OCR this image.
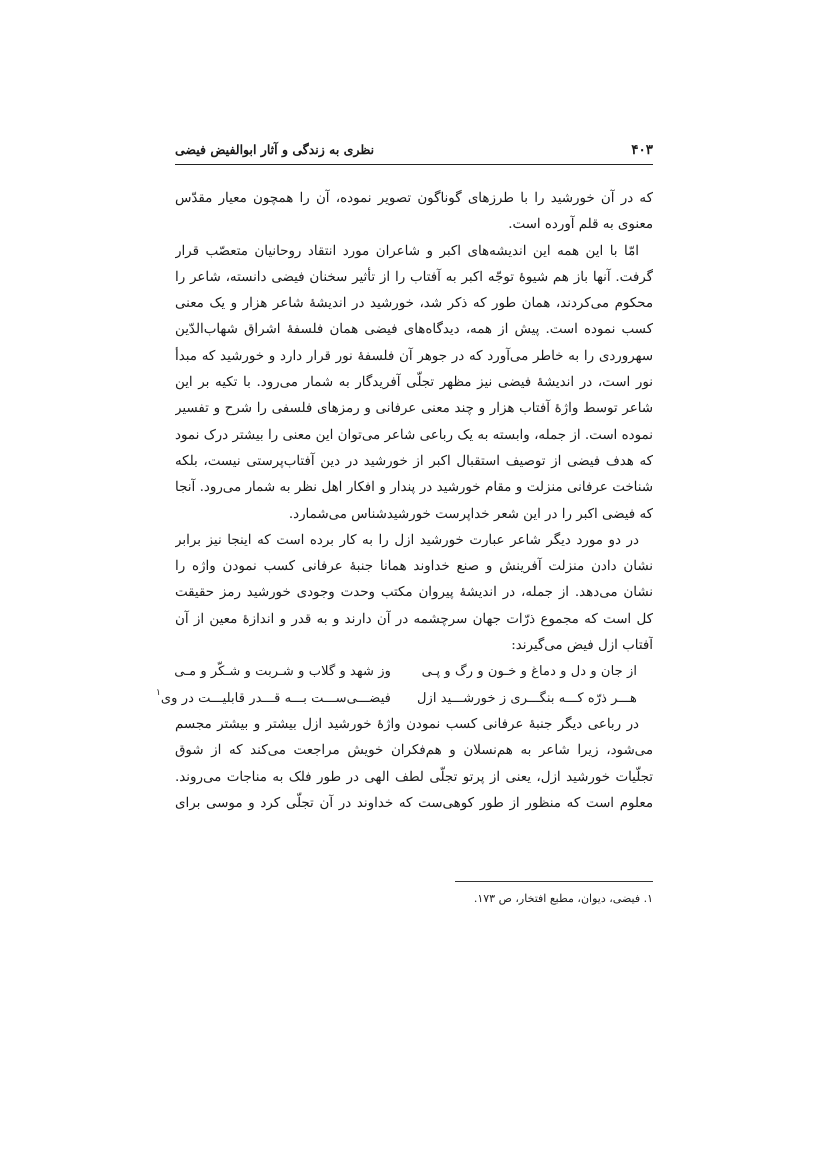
۴۰۳
نظری به زندگی و آثار ابوالفیض فیضی
که در آن خورشید را با طرزهای گوناگون تصویر نموده، آن را همچون معیار مقدّس
معنوی به قلم آورده است.
امّا با این همه این اندیشه‌های اکبر و شاعران مورد انتقاد روحانیان متعصّب قرار
گرفت. آنها باز هم شیوهٔ توجّه اکبر به آفتاب را از تأثیر سخنان فیضی دانسته، شاعر را
محکوم می‌کردند، همان طور که ذکر شد، خورشید در اندیشهٔ شاعر هزار و یک معنی
کسب نموده است. پیش از همه، دیدگاه‌های فیضی همان فلسفهٔ اشراق شهاب‌الدّین
سهروردی را به خاطر می‌آورد که در جوهر آن فلسفهٔ نور قرار دارد و خورشید که مبدأ
نور است، در اندیشهٔ فیضی نیز مظهر تجلّی آفریدگار به شمار می‌رود. با تکیه بر این
شاعر توسط واژهٔ آفتاب هزار و چند معنی عرفانی و رمزهای فلسفی را شرح و تفسیر
نموده است. از جمله، وابسته به یک رباعی شاعر می‌توان این معنی را بیشتر درک نمود
که هدف فیضی از توصیف استقبال اکبر از خورشید در دین آفتاب‌پرستی نیست، بلکه
شناخت عرفانی منزلت و مقام خورشید در پندار و افکار اهل نظر به شمار می‌رود. آنجا
که فیضی اکبر را در این شعر خداپرست خورشیدشناس می‌شمارد.
در دو مورد دیگر شاعر عبارت خورشید ازل را به کار برده است که اینجا نیز برابر
نشان دادن منزلت آفرینش و صنع خداوند همانا جنبهٔ عرفانی کسب نمودن واژه را
نشان می‌دهد. از جمله، در اندیشهٔ پیروان مکتب وحدت وجودی خورشید رمز حقیقت
کل است که مجموع ذرّات جهان سرچشمه در آن دارند و به قدر و اندازهٔ معین از آن
آفتاب ازل فیض می‌گیرند:
از جان و دل و دماغ و خـون و رگ و پـی
وز شهد و گلاب و شـربت و شـکّر و مـی
هـــر ذرّه کـــه بنگـــری ز خورشـــید ازل
فیضـــی‌ســـت بـــه قـــدر قابلیـــت در وی$^۱$
در رباعی دیگر جنبهٔ عرفانی کسب نمودن واژهٔ خورشید ازل بیشتر و بیشتر مجسم
می‌شود، زیرا شاعر به هم‌نسلان و هم‌فکران خویش مراجعت می‌کند که از شوق
تجلّیات خورشید ازل، یعنی از پرتو تجلّی لطف الهی در طور فلک به مناجات می‌روند.
معلوم است که منظور از طور کوهی‌ست که خداوند در آن تجلّی کرد و موسی برای
۱. فیضی، دیوان، مطبع افتخار، ص ۱۷۳.
